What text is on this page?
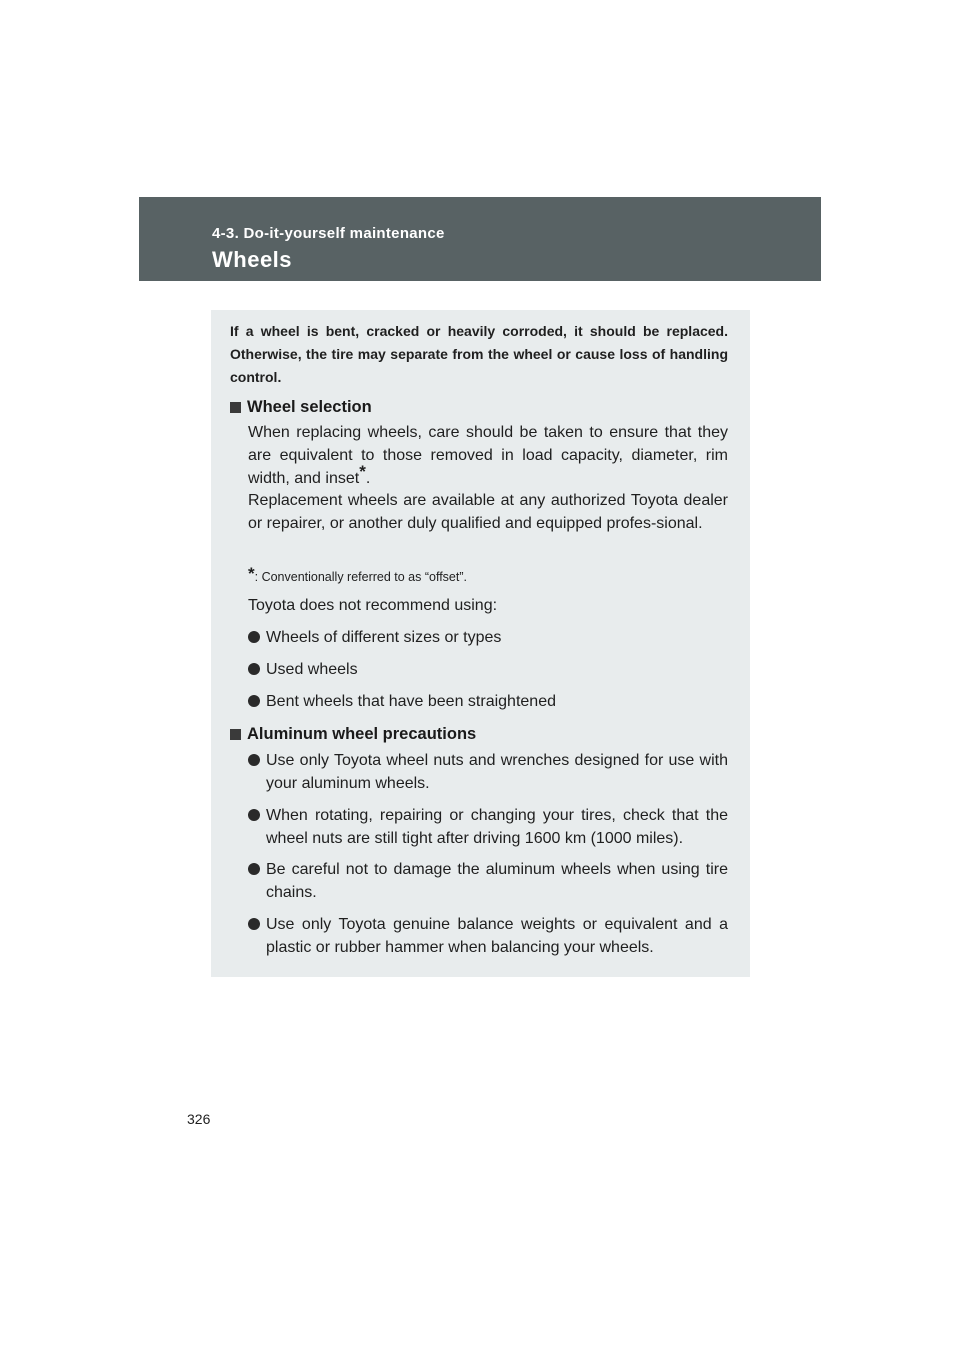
4-3. Do-it-yourself maintenance
Wheels
If a wheel is bent, cracked or heavily corroded, it should be replaced. Otherwise, the tire may separate from the wheel or cause loss of handling control.
Wheel selection
When replacing wheels, care should be taken to ensure that they are equivalent to those removed in load capacity, diameter, rim width, and inset*.
Replacement wheels are available at any authorized Toyota dealer or repairer, or another duly qualified and equipped profes-sional.
*: Conventionally referred to as “offset”.
Toyota does not recommend using:
Wheels of different sizes or types
Used wheels
Bent wheels that have been straightened
Aluminum wheel precautions
Use only Toyota wheel nuts and wrenches designed for use with your aluminum wheels.
When rotating, repairing or changing your tires, check that the wheel nuts are still tight after driving 1600 km (1000 miles).
Be careful not to damage the aluminum wheels when using tire chains.
Use only Toyota genuine balance weights or equivalent and a plastic or rubber hammer when balancing your wheels.
326
